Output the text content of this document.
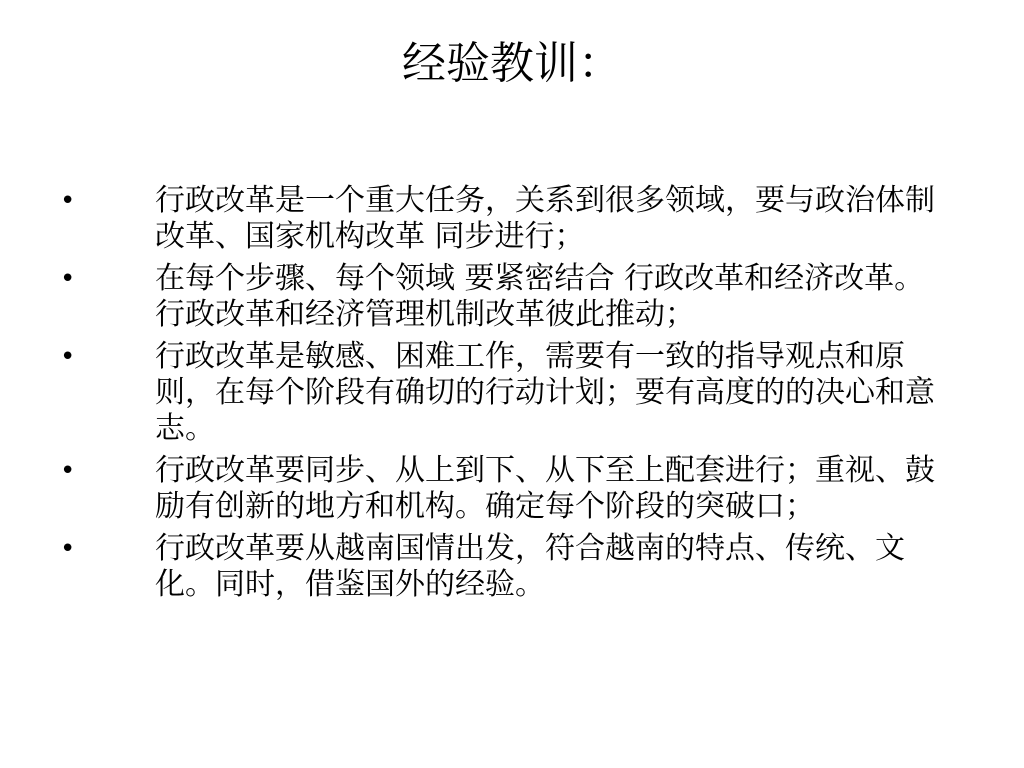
经验教训：
•	行政改革是一个重大任务，关系到很多领域，要与政治体制改革、国家机构改革 同步进行；
•	在每个步骤、每个领域 要紧密结合 行政改革和经济改革。 行政改革和经济管理机制改革彼此推动；
•	行政改革是敏感、困难工作，需要有一致的指导观点和原则，在每个阶段有确切的行动计划；要有高度的的决心和意志。
•	行政改革要同步、从上到下、从下至上配套进行；重视、鼓励有创新的地方和机构。确定每个阶段的突破口；
•	行政改革要从越南国情出发，符合越南的特点、传统、文化。同时，借鉴国外的经验。
